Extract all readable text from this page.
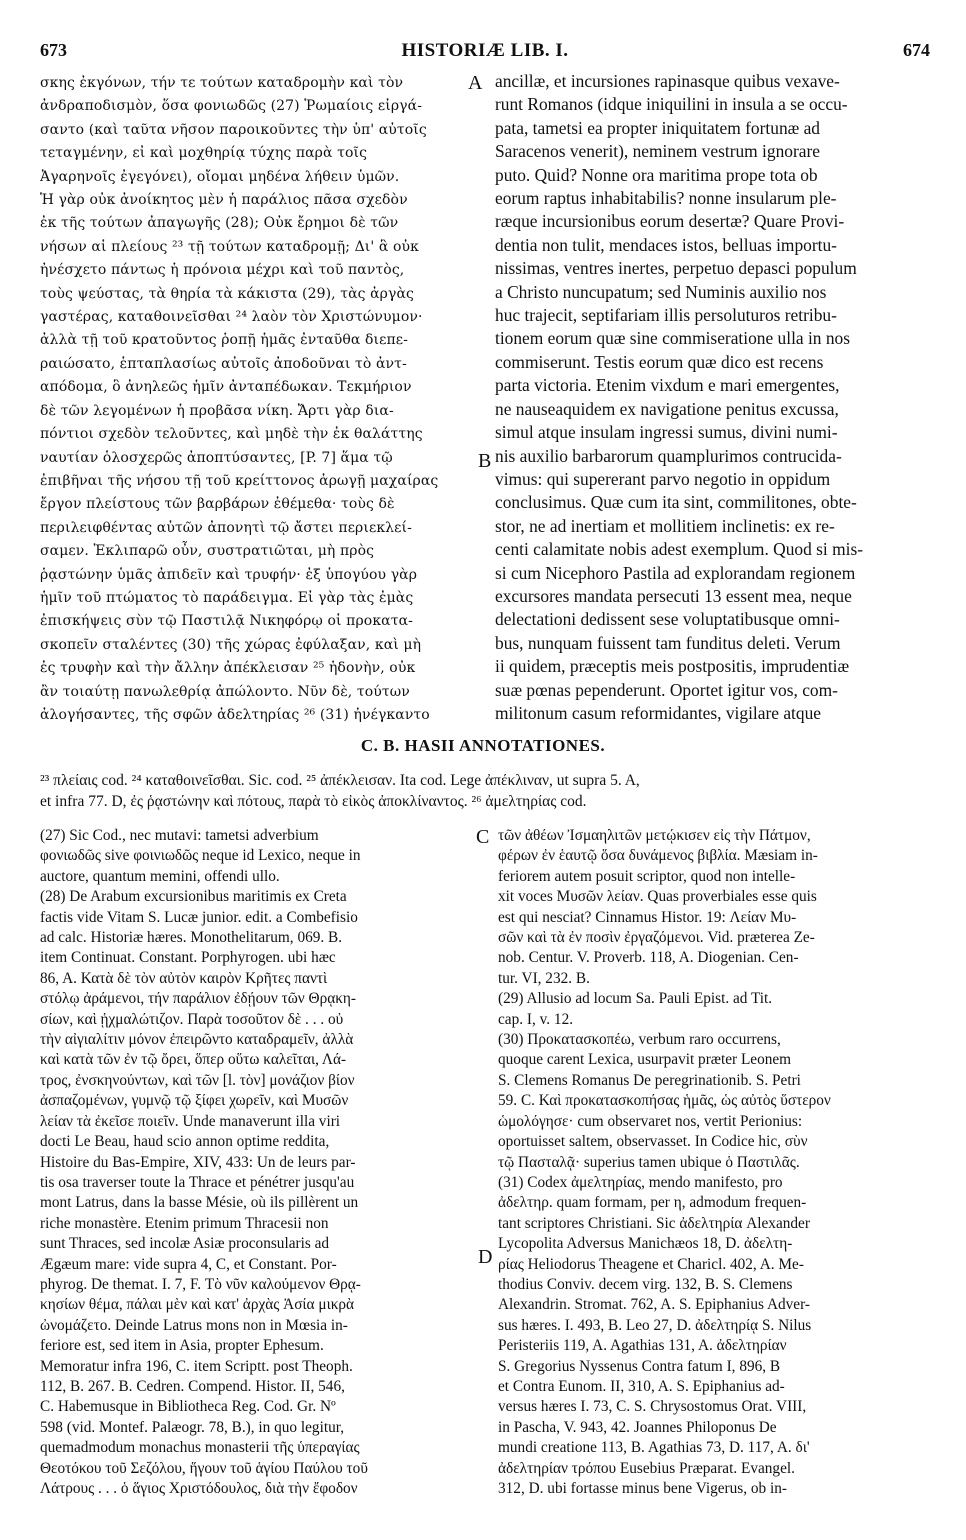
673	HISTORIÆ LIB. I.	674
A
B
C
D

σκης ἐκγόνων, τήν τε τούτων καταδρομὴν καὶ τὸν

ἀνδραποδισμὸν, ὅσα φονιωδῶς (27) Ῥωμαίοις εἰργά-

σαντο (καὶ ταῦτα νῆσον παροικοῦντες τὴν ὑπ' αὐτοῖς

τεταγμένην, εἰ καὶ μοχθηρίᾳ τύχης παρὰ τοῖς

Ἀγαρηνοῖς ἐγεγόνει), οἴομαι μηδένα λήθειν ὑμῶν.

Ἡ γὰρ οὐκ ἀνοίκητος μὲν ἡ παράλιος πᾶσα σχεδὸν

ἐκ τῆς τούτων ἀπαγωγῆς (28); Οὐκ ἔρημοι δὲ τῶν

νήσων αἱ πλείους ²³ τῇ τούτων καταδρομῇ; Δι' ἃ οὐκ

ἠνέσχετο πάντως ἡ πρόνοια μέχρι καὶ τοῦ παντὸς,

τοὺς ψεύστας, τὰ θηρία τὰ κάκιστα (29), τὰς ἀργὰς

γαστέρας, καταθοινεῖσθαι ²⁴ λαὸν τὸν Χριστώνυμον·

ἀλλὰ τῇ τοῦ κρατοῦντος ῥοπῇ ἡμᾶς ἐνταῦθα διεπε-

ραιώσατο, ἑπταπλασίως αὐτοῖς ἀποδοῦναι τὸ ἀντ-

απόδομα, ὃ ἀνηλεῶς ἡμῖν ἀνταπέδωκαν. Τεκμήριον

δὲ τῶν λεγομένων ἡ προβᾶσα νίκη. Ἄρτι γὰρ δια-

πόντιοι σχεδὸν τελοῦντες, καὶ μηδὲ τὴν ἐκ θαλάττης

ναυτίαν ὁλοσχερῶς ἀποπτύσαντες, [P. 7] ἅμα τῷ

ἐπιβῆναι τῆς νήσου τῇ τοῦ κρείττονος ἀρωγῇ μαχαίρας

ἔργον πλείστους τῶν βαρβάρων ἐθέμεθα· τοὺς δὲ

περιλειφθέντας αὐτῶν ἀπονητὶ τῷ ἄστει περιεκλεί-

σαμεν. Ἐκλιπαρῶ οὖν, συστρατιῶται, μὴ πρὸς

ῥᾳστώνην ὑμᾶς ἀπιδεῖν καὶ τρυφήν· ἐξ ὑπογύου γὰρ

ἡμῖν τοῦ πτώματος τὸ παράδειγμα. Εἰ γὰρ τὰς ἐμὰς

ἐπισκήψεις σὺν τῷ Παστιλᾷ Νικηφόρῳ οἱ προκατα-

σκοπεῖν σταλέντες (30) τῆς χώρας ἐφύλαξαν, καὶ μὴ

ἐς τρυφὴν καὶ τὴν ἄλλην ἀπέκλεισαν ²⁵ ἡδονὴν, οὐκ

ἂν τοιαύτῃ πανωλεθρίᾳ ἀπώλοντο. Νῦν δὲ, τούτων

ἀλογήσαντες, τῆς σφῶν ἀδελτηρίας ²⁶ (31) ἠνέγκαντο

ancillæ, et incursiones rapinasque quibus vexave-

runt Romanos (idque iniquilini in insula a se occu-

pata, tametsi ea propter iniquitatem fortunæ ad

Saracenos venerit), neminem vestrum ignorare

puto. Quid? Nonne ora maritima prope tota ob

eorum raptus inhabitabilis? nonne insularum ple-

ræque incursionibus eorum desertæ? Quare Provi-

dentia non tulit, mendaces istos, belluas importu-

nissimas, ventres inertes, perpetuo depasci populum

a Christo nuncupatum; sed Numinis auxilio nos

huc trajecit, septifariam illis persoluturos retribu-

tionem eorum quæ sine commiseratione ulla in nos

commiserunt. Testis eorum quæ dico est recens

parta victoria. Etenim vixdum e mari emergentes,

ne nauseaquidem ex navigatione penitus excussa,

simul atque insulam ingressi sumus, divini numi-

nis auxilio barbarorum quamplurimos contrucida-

vimus: qui supererant parvo negotio in oppidum

conclusimus. Quæ cum ita sint, commilitones, obte-

stor, ne ad inertiam et mollitiem inclinetis: ex re-

centi calamitate nobis adest exemplum. Quod si mis-

si cum Nicephoro Pastila ad explorandam regionem

excursores mandata persecuti 13 essent mea, neque

delectationi dedissent sese voluptatibusque omni-

bus, nunquam fuissent tam funditus deleti. Verum

ii quidem, præceptis meis postpositis, imprudentiæ

suæ pœnas pependerunt. Oportet igitur vos, com-

militonum casum reformidantes, vigilare atque

C. B. HASII ANNOTATIONES.

²³ πλείαις cod. ²⁴ καταθοινεῖσθαι. Sic. cod. ²⁵ ἀπέκλεισαν. Ita cod. Lege ἀπέκλιναν, ut supra 5. A,

et infra 77. D, ἐς ῥᾳστώνην καὶ πότους, παρὰ τὸ εἰκὸς ἀποκλίναντος. ²⁶ ἀμελτηρίας cod.

(27) Sic Cod., nec mutavi: tametsi adverbium

φονιωδῶς sive φοινιωδῶς neque id Lexico, neque in

auctore, quantum memini, offendi ullo.

(28) De Arabum excursionibus maritimis ex Creta

factis vide Vitam S. Lucæ junior. edit. a Combefisio

ad calc. Historiæ hæres. Monothelitarum, 069. B.

item Continuat. Constant. Porphyrogen. ubi hæc

86, A. Κατὰ δὲ τὸν αὐτὸν καιρὸν Κρῆτες παντὶ

στόλῳ ἀράμενοι, τήν παράλιον ἐδῄουν τῶν Θρᾳκη-

σίων, καὶ ᾐχμαλώτιζον. Παρὰ τοσοῦτον δὲ . . . οὐ

τὴν αἰγιαλίτιν μόνον ἐπειρῶντο καταδραμεῖν, ἀλλὰ

καὶ κατὰ τῶν ἐν τῷ ὄρει, ὅπερ οὕτω καλεῖται, Λά-

τρος, ἐνσκηνούντων, καὶ τῶν [l. τὸν] μονάζιον βίον

ἀσπαζομένων, γυμνῷ τῷ ξίφει χωρεῖν, καὶ Μυσῶν

λείαν τὰ ἐκεῖσε ποιεῖν. Unde manaverunt illa viri

docti Le Beau, haud scio annon optime reddita,

Histoire du Bas-Empire, XIV, 433: Un de leurs par-

tis osa traverser toute la Thrace et pénétrer jusqu'au

mont Latrus, dans la basse Mésie, où ils pillèrent un

riche monastère. Etenim primum Thracesii non

sunt Thraces, sed incolæ Asiæ proconsularis ad

Ægæum mare: vide supra 4, C, et Constant. Por-

phyrog. De themat. I. 7, F. Τὸ νῦν καλούμενον Θρᾳ-

κησίων θέμα, πάλαι μὲν καὶ κατ' ἀρχὰς Ἀσία μικρὰ

ὠνομάζετο. Deinde Latrus mons non in Mœsia in-

feriore est, sed item in Asia, propter Ephesum.

Memoratur infra 196, C. item Scriptt. post Theoph.

112, B. 267. B. Cedren. Compend. Histor. II, 546,

C. Habemusque in Bibliotheca Reg. Cod. Gr. Nº

598 (vid. Montef. Palæogr. 78, B.), in quo legitur,

quemadmodum monachus monasterii τῆς ὑπεραγίας

Θεοτόκου τοῦ Σεζόλου, ἥγουν τοῦ ἁγίου Παύλου τοῦ

Λάτρους . . . ὁ ἅγιος Χριστόδουλος, διὰ τὴν ἔφοδον

τῶν ἀθέων Ἰσμαηλιτῶν μετῴκισεν εἰς τὴν Πάτμον,

φέρων ἐν ἑαυτῷ ὅσα δυνάμενος βιβλία. Mæsiam in-

feriorem autem posuit scriptor, quod non intelle-

xit voces Μυσῶν λείαν. Quas proverbiales esse quis

est qui nesciat? Cinnamus Histor. 19: Λείαν Μυ-

σῶν καὶ τὰ ἐν ποσὶν ἐργαζόμενοι. Vid. præterea Ze-

nob. Centur. V. Proverb. 118, A. Diogenian. Cen-

tur. VI, 232. B.

(29) Allusio ad locum Sa. Pauli Epist. ad Tit.

cap. I, v. 12.

(30) Προκατασκοπέω, verbum raro occurrens,

quoque carent Lexica, usurpavit præter Leonem

S. Clemens Romanus De peregrinationib. S. Petri

59. C. Καὶ προκατασκοπήσας ἡμᾶς, ὡς αὐτὸς ὕστερον

ὡμολόγησε· cum observaret nos, vertit Perionius:

oportuisset saltem, observasset. In Codice hic, σὺν

τῷ Πασταλᾷ· superius tamen ubique ὁ Παστιλᾶς.

(31) Codex ἀμελτηρίας, mendo manifesto, pro

ἀδελτηρ. quam formam, per η, admodum frequen-

tant scriptores Christiani. Sic ἀδελτηρία Alexander

Lycopolita Adversus Manichæos 18, D. ἀδελτη-

ρίας Heliodorus Theagene et Charicl. 402, A. Me-

thodius Conviv. decem virg. 132, B. S. Clemens

Alexandrin. Stromat. 762, A. S. Epiphanius Adver-

sus hæres. I. 493, B. Leo 27, D. ἀδελτηρίᾳ S. Nilus

Peristeriis 119, A. Agathias 131, A. ἀδελτηρίαν

S. Gregorius Nyssenus Contra fatum I, 896, B

et Contra Eunom. II, 310, A. S. Epiphanius ad-

versus hæres I. 73, C. S. Chrysostomus Orat. VIII,

in Pascha, V. 943, 42. Joannes Philoponus De

mundi creatione 113, B. Agathias 73, D. 117, A. δι'

ἀδελτηρίαν τρόπου Eusebius Præparat. Evangel.

312, D. ubi fortasse minus bene Vigerus, ob in-
